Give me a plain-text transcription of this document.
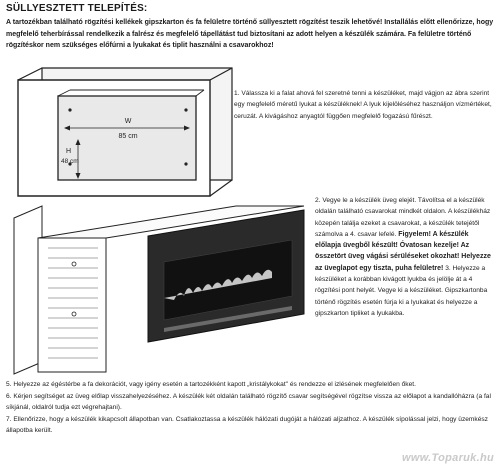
SÜLLYESZTETT TELEPÍTÉS:
A tartozékban található rögzítési kellékek gipszkarton és fa felületre történő süllyesztett rögzítést teszik lehetővé! Installálás előtt ellenőrizze, hogy megfelelő teherbírással rendelkezik a falrész és megfelelő tápellátást tud biztosítani az adott helyen a készülék számára. Fa felületre történő rögzítéskor nem szükséges előfúrni a lyukakat és tiplit használni a csavarokhoz!
W
85 cm
H
48 cm
1. Válassza ki a falat ahová fel szeretné tenni a készüléket, majd vágjon az ábra szerint egy megfelelő méretű lyukat a készüléknek! A lyuk kijelöléséhez használjon vízmértéket, ceruzát. A kivágáshoz anyagtól függően megfelelő fogazású fűrészt.
2. Vegye le a készülék üveg elejét. Távolítsa el a készülék oldalán található csavarokat mindkét oldalon. A készülékház közepén találja ezeket a csavarokat, a készülék tetejétől számolva a 4. csavar lefelé. Figyelem! A készülék előlapja üvegből készült! Óvatosan kezelje! Az összetört üveg vágási sérüléseket okozhat! Helyezze az üveglapot egy tiszta, puha felületre! 3. Helyezze a készüléket a korábban kivágott lyukba és jelölje át a 4 rögzítési pont helyét. Vegye ki a készüléket. Gipszkartonba történő rögzítés esetén fúrja ki a lyukakat és helyezze a gipszkarton tipliket a lyukakba.
5. Helyezze az égéstérbe a fa dekorációt, vagy igény esetén a tartozékként kapott „kristálykokat" és rendezze el izlésének megfelelően őket.
6. Kérjen segítséget az üveg előlap visszahelyezéséhez. A készülék két oldalán található rögzítő csavar segítségével rögzítse vissza az előlapot a kandallóházra (a fal síkjánál, oldalról tudja ezt végrehajtani).
7. Ellenőrizze, hogy a készülék kikapcsolt állapotban van. Csatlakoztassa a készülék hálózati dugóját a hálózati aljzathoz. A készülék sípolással jelzi, hogy üzemkész állapotba került.
www.Toparuk.hu
